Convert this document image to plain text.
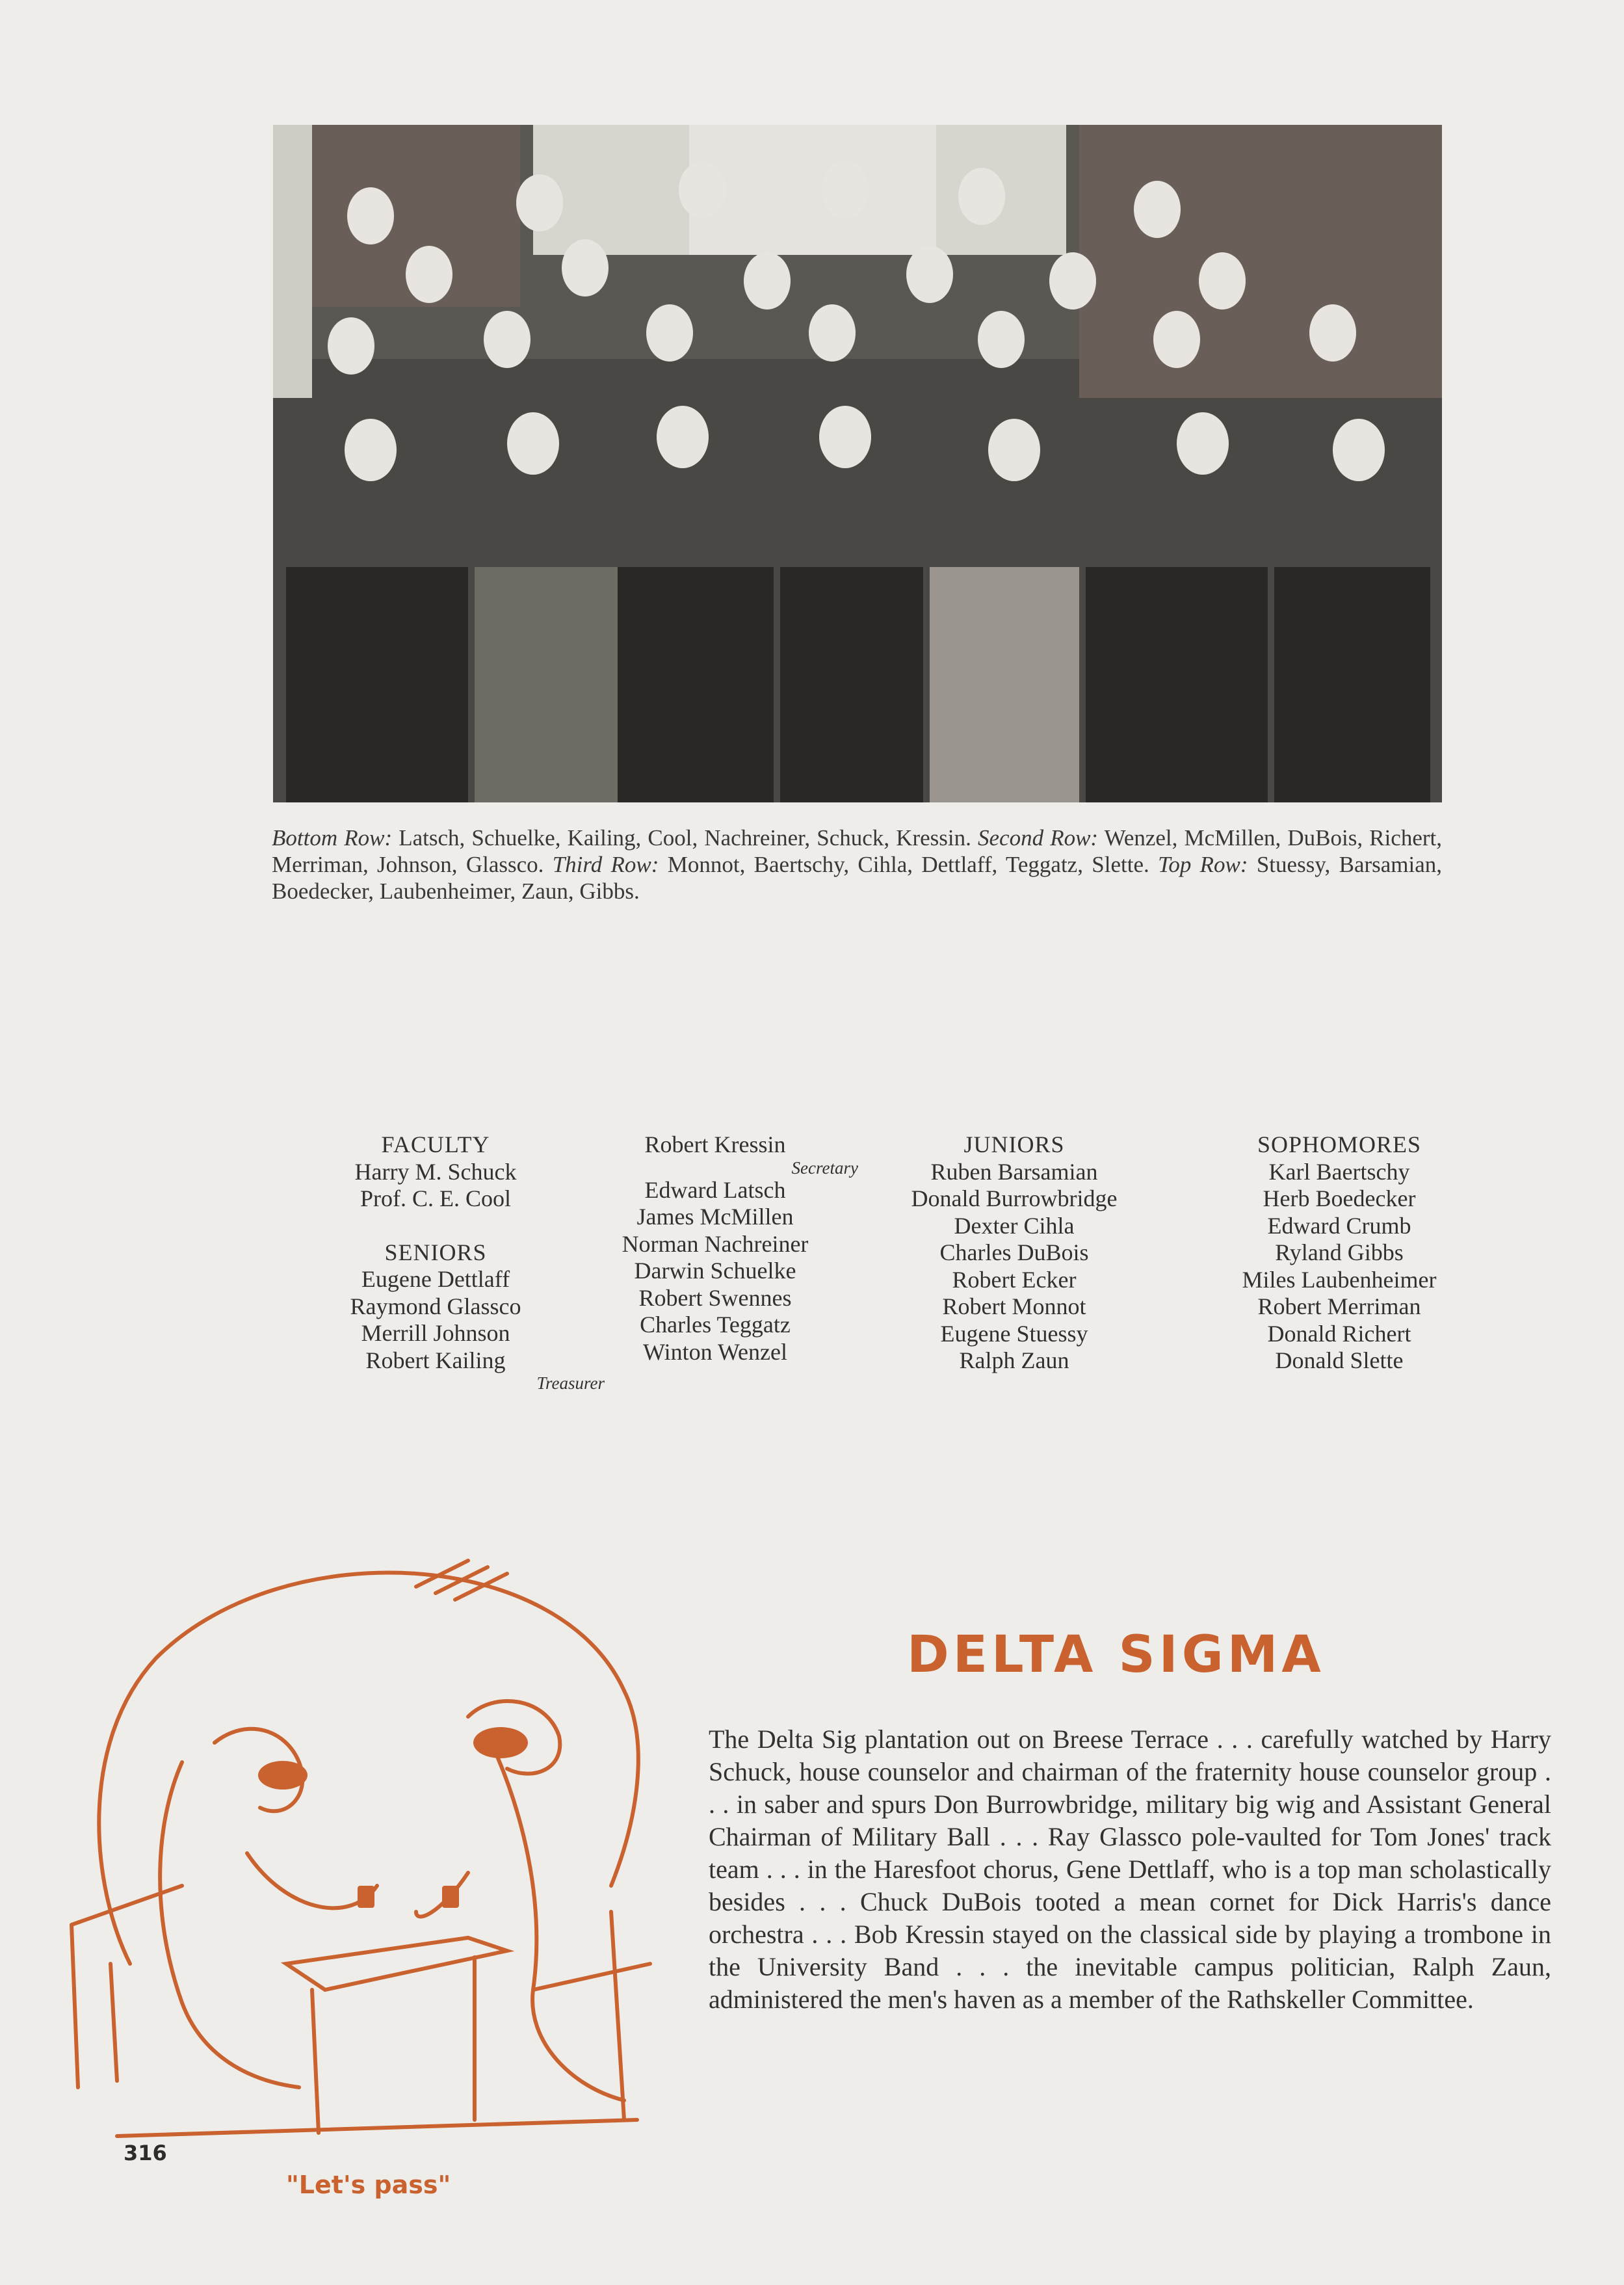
Bottom Row: Latsch, Schuelke, Kailing, Cool, Nachreiner, Schuck, Kressin. Second Row: Wenzel, McMillen, DuBois, Richert, Merriman, Johnson, Glassco. Third Row: Monnot, Baertschy, Cihla, Dettlaff, Teggatz, Slette. Top Row: Stuessy, Barsamian, Boedecker, Laubenheimer, Zaun, Gibbs.
FACULTY
Harry M. Schuck
Prof. C. E. Cool
SENIORS
Eugene Dettlaff
Raymond Glassco
Merrill Johnson
Robert Kailing
Treasurer
Robert Kressin
Secretary
Edward Latsch
James McMillen
Norman Nachreiner
Darwin Schuelke
Robert Swennes
Charles Teggatz
Winton Wenzel
JUNIORS
Ruben Barsamian
Donald Burrowbridge
Dexter Cihla
Charles DuBois
Robert Ecker
Robert Monnot
Eugene Stuessy
Ralph Zaun
SOPHOMORES
Karl Baertschy
Herb Boedecker
Edward Crumb
Ryland Gibbs
Miles Laubenheimer
Robert Merriman
Donald Richert
Donald Slette
DELTA SIGMA
The Delta Sig plantation out on Breese Terrace . . . carefully watched by Harry Schuck, house counselor and chairman of the fraternity house counselor group . . . in saber and spurs Don Burrowbridge, military big wig and Assistant General Chairman of Military Ball . . . Ray Glassco pole-vaulted for Tom Jones' track team . . . in the Haresfoot chorus, Gene Dettlaff, who is a top man scholastically besides . . . Chuck DuBois tooted a mean cornet for Dick Harris's dance orchestra . . . Bob Kressin stayed on the classical side by playing a trombone in the University Band . . . the inevitable campus politician, Ralph Zaun, administered the men's haven as a member of the Rathskeller Committee.
316
"Let's pass"
